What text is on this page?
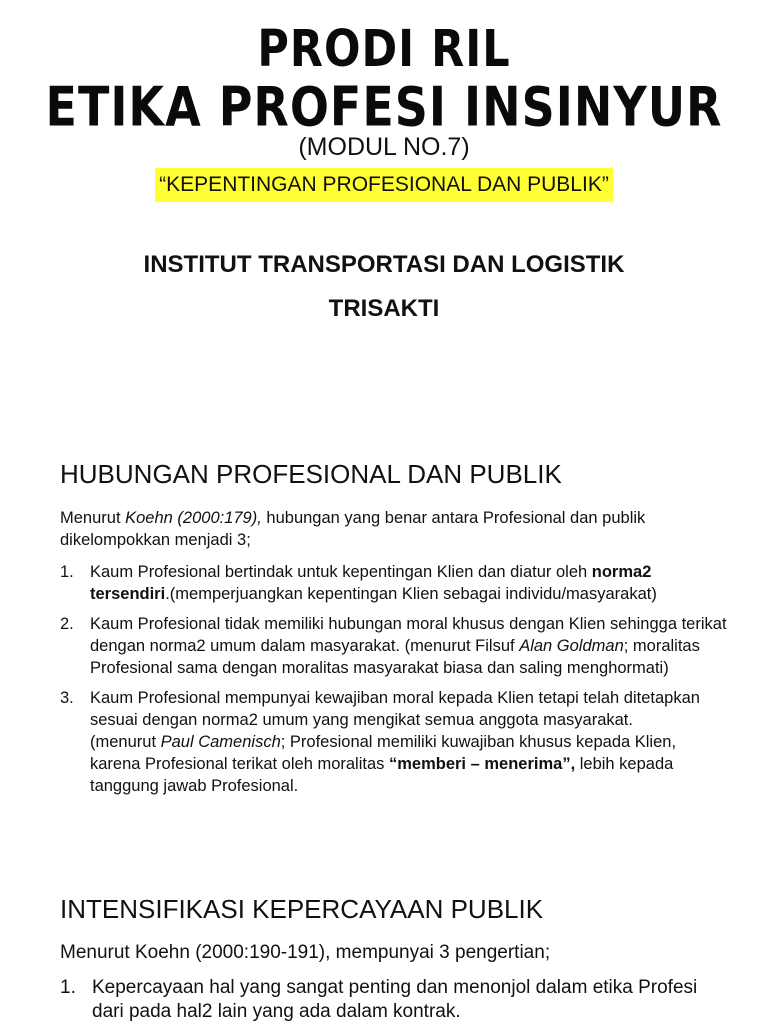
PRODI RIL
ETIKA PROFESI INSINYUR
(MODUL NO.7)
“KEPENTINGAN PROFESIONAL DAN PUBLIK”
INSTITUT TRANSPORTASI DAN LOGISTIK
TRISAKTI
HUBUNGAN PROFESIONAL DAN PUBLIK
Menurut Koehn (2000:179), hubungan yang benar antara Profesional dan publik dikelompokkan menjadi 3;
1. Kaum Profesional bertindak untuk kepentingan Klien dan diatur oleh norma2 tersendiri.(memperjuangkan kepentingan Klien sebagai individu/masyarakat)
2. Kaum Profesional tidak memiliki hubungan moral khusus dengan Klien sehingga terikat dengan norma2 umum dalam masyarakat. (menurut Filsuf Alan Goldman; moralitas Profesional sama dengan moralitas masyarakat biasa dan saling menghormati)
3. Kaum Profesional mempunyai kewajiban moral kepada Klien tetapi telah ditetapkan sesuai dengan norma2 umum yang mengikat semua anggota masyarakat.          (menurut Paul Camenisch; Profesional memiliki kuwajiban khusus kepada Klien, karena Profesional terikat oleh moralitas “memberi – menerima”, lebih kepada tanggung jawab Profesional.
INTENSIFIKASI KEPERCAYAAN PUBLIK
Menurut Koehn (2000:190-191), mempunyai 3 pengertian;
1. Kepercayaan hal yang sangat penting dan menonjol dalam etika Profesi dari pada hal2 lain yang ada dalam kontrak.
